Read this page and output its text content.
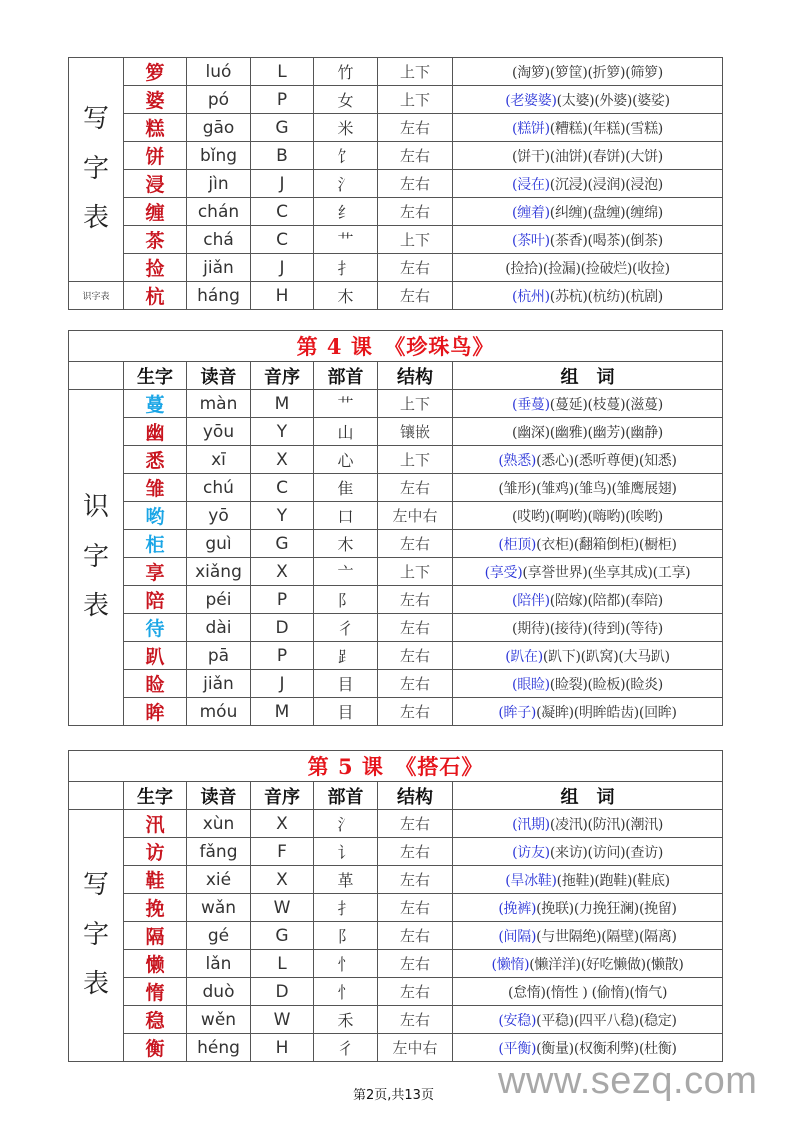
写
字
表	箩	luó	L	竹	上下	(淘箩)(箩筐)(折箩)(筛箩)
	婆	pó	P	女	上下	(老婆婆)(太婆)(外婆)(婆娑)
	糕	gāo	G	米	左右	(糕饼)(糟糕)(年糕)(雪糕)
	饼	bǐng	B	饣	左右	(饼干)(油饼)(春饼)(大饼)
	浸	jìn	J	氵	左右	(浸在)(沉浸)(浸润)(浸泡)
	缠	chán	C	纟	左右	(缠着)(纠缠)(盘缠)(缠绵)
	茶	chá	C	艹	上下	(茶叶)(茶香)(喝茶)(倒茶)
	捡	jiǎn	J	扌	左右	(捡拾)(捡漏)(捡破烂)(收捡)
识字表	杭	háng	H	木	左右	(杭州)(苏杭)(杭纺)(杭剧)
第 4 课　《珍珠鸟》						
	生字	读音	音序	部首	结构	组　词

识
字
表	蔓	màn	M	艹	上下	(垂蔓)(蔓延)(枝蔓)(滋蔓)
	幽	yōu	Y	山	镶嵌	(幽深)(幽雅)(幽芳)(幽静)
	悉	xī	X	心	上下	(熟悉)(悉心)(悉听尊便)(知悉)
	雏	chú	C	隹	左右	(雏形)(雏鸡)(雏鸟)(雏鹰展翅)
	哟	yō	Y	口	左中右	(哎哟)(啊哟)(嗨哟)(唉哟)
	柜	guì	G	木	左右	(柜顶)(衣柜)(翻箱倒柜)(橱柜)
	享	xiǎng	X	亠	上下	(享受)(享誉世界)(坐享其成)(工享)
	陪	péi	P	阝	左右	(陪伴)(陪嫁)(陪都)(奉陪)
	待	dài	D	彳	左右	(期待)(接待)(待到)(等待)
	趴	pā	P	⻊	左右	(趴在)(趴下)(趴窝)(大马趴)
	睑	jiǎn	J	目	左右	(眼睑)(睑裂)(睑板)(睑炎)
	眸	móu	M	目	左右	(眸子)(凝眸)(明眸皓齿)(回眸)
第 5 课　《搭石》						
	生字	读音	音序	部首	结构	组　词

写
字
表	汛	xùn	X	氵	左右	(汛期)(凌汛)(防汛)(潮汛)
	访	fǎng	F	讠	左右	(访友)(来访)(访问)(查访)
	鞋	xié	X	革	左右	(旱冰鞋)(拖鞋)(跑鞋)(鞋底)
	挽	wǎn	W	扌	左右	(挽裤)(挽联)(力挽狂澜)(挽留)
	隔	gé	G	阝	左右	(间隔)(与世隔绝)(隔壁)(隔离)
	懒	lǎn	L	忄	左右	(懒惰)(懒洋洋)(好吃懒做)(懒散)
	惰	duò	D	忄	左右	(怠惰)(惰性 ) (偷惰)(惰气)
	稳	wěn	W	禾	左右	(安稳)(平稳)(四平八稳)(稳定)
	衡	héng	H	彳	左中右	(平衡)(衡量)(权衡利弊)(杜衡)
第2页,共13页 www.sezq.com
